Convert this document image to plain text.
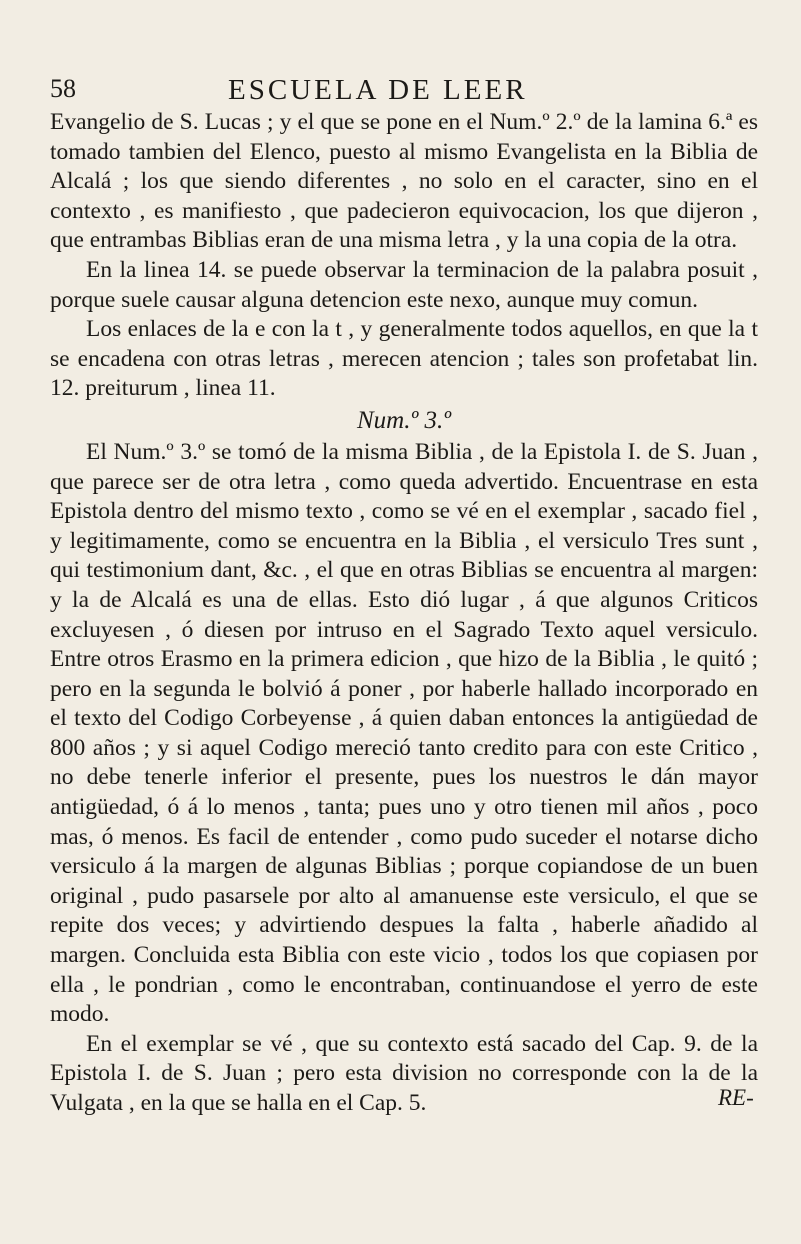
58	ESCUELA DE LEER

Evangelio de S. Lucas ; y el que se pone en el Num.º 2.º de la lamina 6.ª es tomado tambien del Elenco, puesto al mismo Evangelista en la Biblia de Alcalá ; los que siendo diferentes , no solo en el caracter, sino en el contexto , es manifiesto , que padecieron equivocacion, los que dijeron , que entrambas Biblias eran de una misma letra , y la una copia de la otra.

En la linea 14. se puede observar la terminacion de la palabra posuit , porque suele causar alguna detencion este nexo, aunque muy comun.

Los enlaces de la e con la t , y generalmente todos aquellos, en que la t se encadena con otras letras , merecen atencion ; tales son profetabat lin. 12. preiturum , linea 11.

Num.º 3.º

El Num.º 3.º se tomó de la misma Biblia , de la Epistola I. de S. Juan , que parece ser de otra letra , como queda advertido. Encuentrase en esta Epistola dentro del mismo texto , como se vé en el exemplar , sacado fiel , y legitimamente, como se encuentra en la Biblia , el versiculo Tres sunt , qui testimonium dant, &c. , el que en otras Biblias se encuentra al margen: y la de Alcalá es una de ellas. Esto dió lugar , á que algunos Criticos excluyesen , ó diesen por intruso en el Sagrado Texto aquel versiculo. Entre otros Erasmo en la primera edicion , que hizo de la Biblia , le quitó ; pero en la segunda le bolvió á poner , por haberle hallado incorporado en el texto del Codigo Corbeyense , á quien daban entonces la antigüedad de 800 años ; y si aquel Codigo mereció tanto credito para con este Critico , no debe tenerle inferior el presente, pues los nuestros le dán mayor antigüedad, ó á lo menos , tanta; pues uno y otro tienen mil años , poco mas, ó menos. Es facil de entender , como pudo suceder el notarse dicho versiculo á la margen de algunas Biblias ; porque copiandose de un buen original , pudo pasarsele por alto al amanuense este versiculo, el que se repite dos veces; y advirtiendo despues la falta , haberle añadido al margen. Concluida esta Biblia con este vicio , todos los que copiasen por ella , le pondrian , como le encontraban, continuandose el yerro de este modo.

En el exemplar se vé , que su contexto está sacado del Cap. 9. de la Epistola I. de S. Juan ; pero esta division no corresponde con la de la Vulgata , en la que se halla en el Cap. 5.	RE-
